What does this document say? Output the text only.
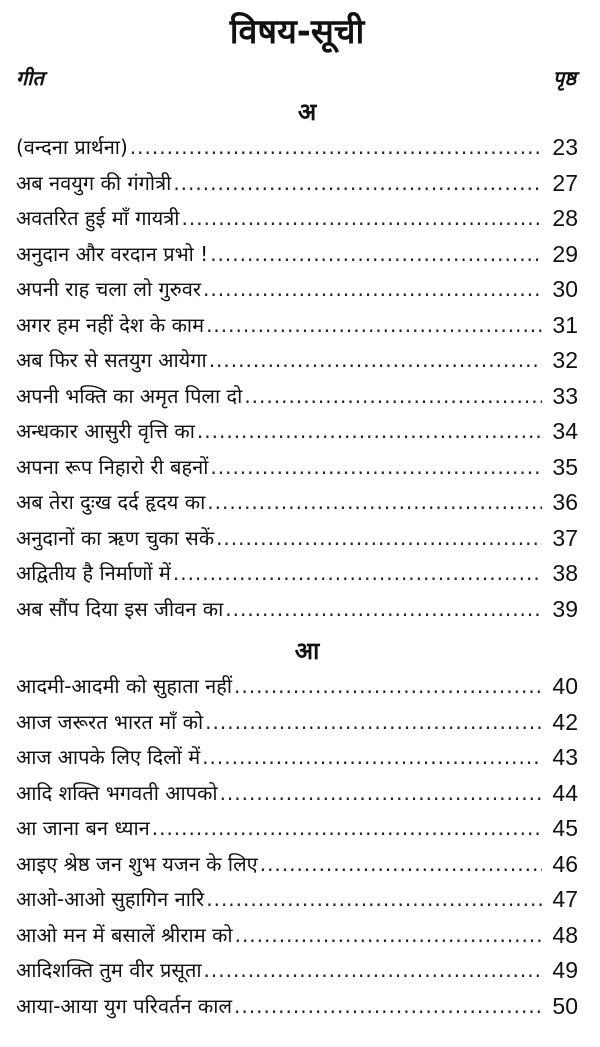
विषय-सूची
गीत	पृष्ठ
अ
(वन्दना प्रार्थना) .....	23
अब नवयुग की गंगोत्री .....	27
अवतरित हुई माँ गायत्री .....	28
अनुदान और वरदान प्रभो ! .....	29
अपनी राह चला लो गुरुवर .....	30
अगर हम नहीं देश के काम .....	31
अब फिर से सतयुग आयेगा .....	32
अपनी भक्ति का अमृत पिला दो .....	33
अन्धकार आसुरी वृत्ति का .....	34
अपना रूप निहारो री बहनों .....	35
अब तेरा दुःख दर्द हृदय का .....	36
अनुदानों का ऋण चुका सकें .....	37
अद्वितीय है निर्माणों में .....	38
अब सौंप दिया इस जीवन का .....	39
आ
आदमी-आदमी को सुहाता नहीं .....	40
आज जरूरत भारत माँ को .....	42
आज आपके लिए दिलों में .....	43
आदि शक्ति भगवती आपको .....	44
आ जाना बन ध्यान .....	45
आइए श्रेष्ठ जन शुभ यजन के लिए .....	46
आओ-आओ सुहागिन नारि .....	47
आओ मन में बसालें श्रीराम को .....	48
आदिशक्ति तुम वीर प्रसूता .....	49
आया-आया युग परिवर्तन काल .....	50
